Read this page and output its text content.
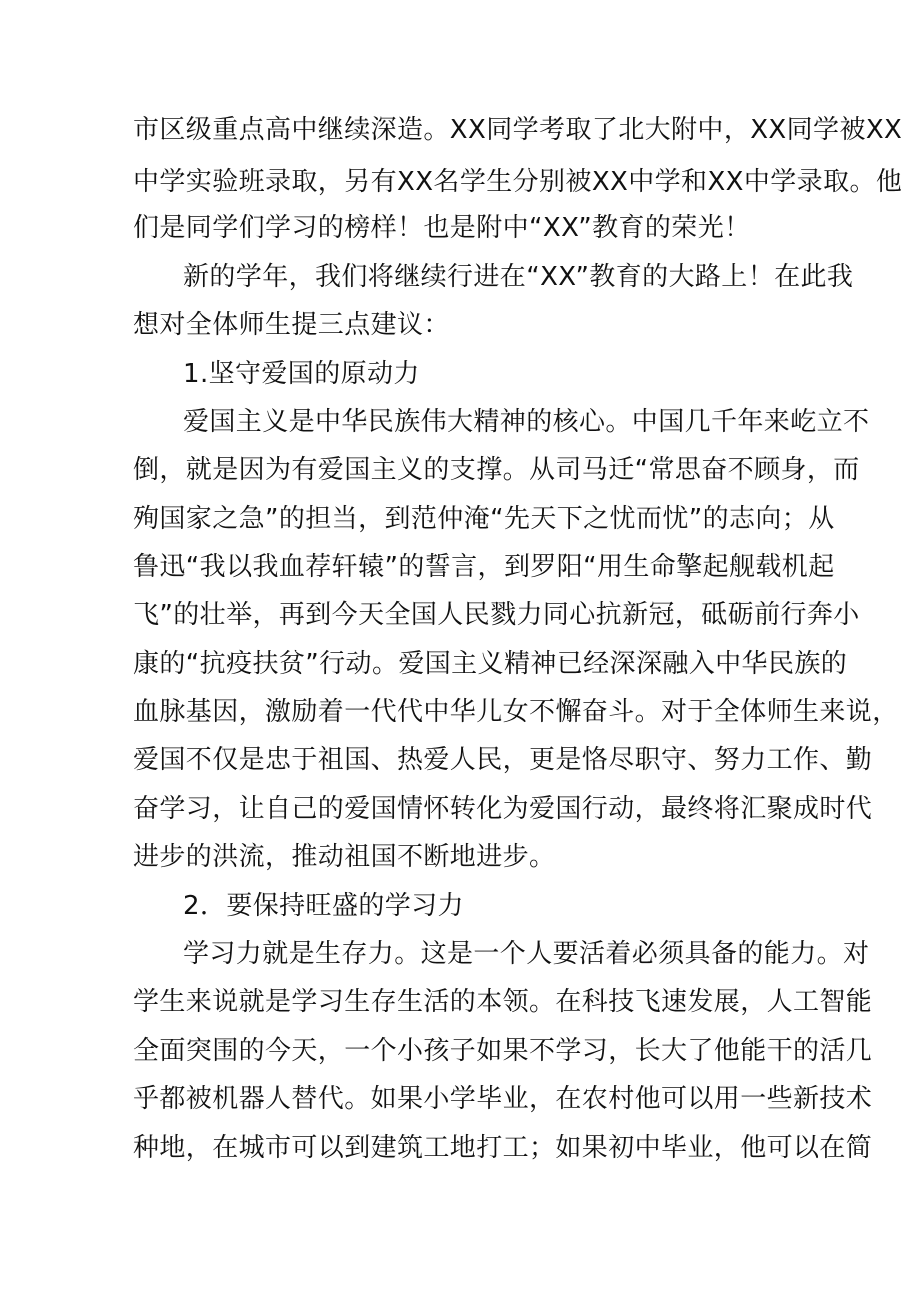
市区级重点高中继续深造。XX同学考取了北大附中，XX同学被XX
中学实验班录取，另有XX名学生分别被XX中学和XX中学录取。他
们是同学们学习的榜样！也是附中“XX”教育的荣光！
新的学年，我们将继续行进在“XX”教育的大路上！在此我
想对全体师生提三点建议：
1.坚守爱国的原动力
爱国主义是中华民族伟大精神的核心。中国几千年来屹立不
倒，就是因为有爱国主义的支撑。从司马迁“常思奋不顾身，而
殉国家之急”的担当，到范仲淹“先天下之忧而忧”的志向；从
鲁迅“我以我血荐轩辕”的誓言，到罗阳“用生命擎起舰载机起
飞”的壮举，再到今天全国人民戮力同心抗新冠，砥砺前行奔小
康的“抗疫扶贫”行动。爱国主义精神已经深深融入中华民族的
血脉基因，激励着一代代中华儿女不懈奋斗。对于全体师生来说，
爱国不仅是忠于祖国、热爱人民，更是恪尽职守、努力工作、勤
奋学习，让自己的爱国情怀转化为爱国行动，最终将汇聚成时代
进步的洪流，推动祖国不断地进步。
2．要保持旺盛的学习力
学习力就是生存力。这是一个人要活着必须具备的能力。对
学生来说就是学习生存生活的本领。在科技飞速发展，人工智能
全面突围的今天，一个小孩子如果不学习，长大了他能干的活几
乎都被机器人替代。如果小学毕业，在农村他可以用一些新技术
种地，在城市可以到建筑工地打工；如果初中毕业，他可以在简
